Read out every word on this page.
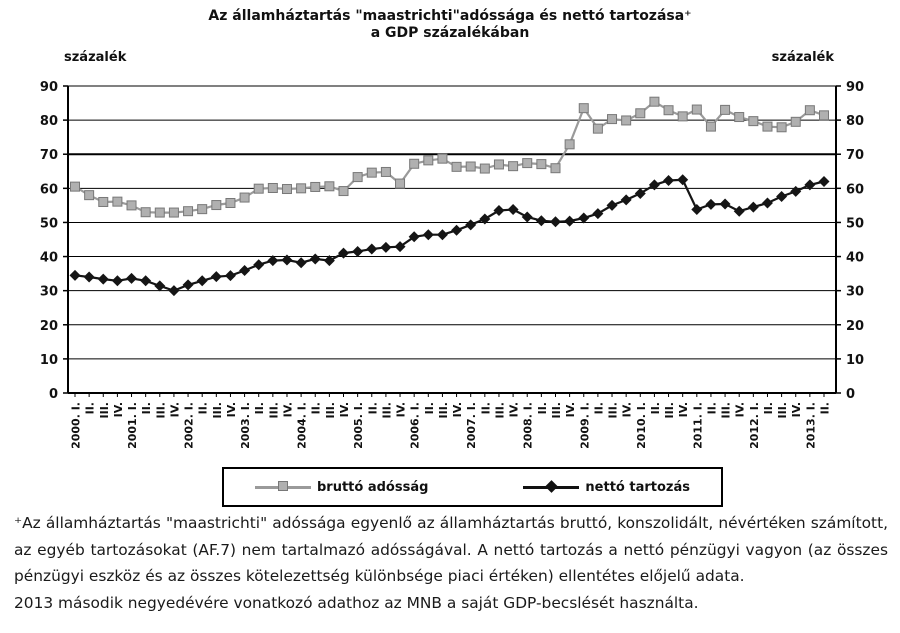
Az államháztartás "maastrichti"adóssága és nettó tartozása⁺
a GDP százalékában
százalék	százalék
0	0
10	10
20	20
30	30
40	40
50	50
60	60
70	70
80	80
90	90
2000. I. II. III. IV. 2001. I. II. III. IV. 2002. I. II. III. IV. 2003. I. II. III. IV. 2004. I. II. III. IV. 2005. I. II. III. IV. 2006. I. II. III. IV. 2007. I. II. III. IV. 2008. I. II. III. IV. 2009. I. II. III. IV. 2010. I. II. III. IV. 2011. I. II. III. IV. 2012. I. II. III. IV. 2013. I. II.
bruttó adósság	nettó tartozás

⁺Az államháztartás "maastrichti" adóssága egyenlő az államháztartás bruttó, konszolidált, névértéken számított, az egyéb tartozásokat (AF.7) nem tartalmazó adósságával. A nettó tartozás a nettó pénzügyi vagyon (az összes pénzügyi eszköz és az összes kötelezettség különbsége piaci értéken) ellentétes előjelű adata.

2013 második negyedévére vonatkozó adathoz az MNB a saját GDP-becslését használta.
